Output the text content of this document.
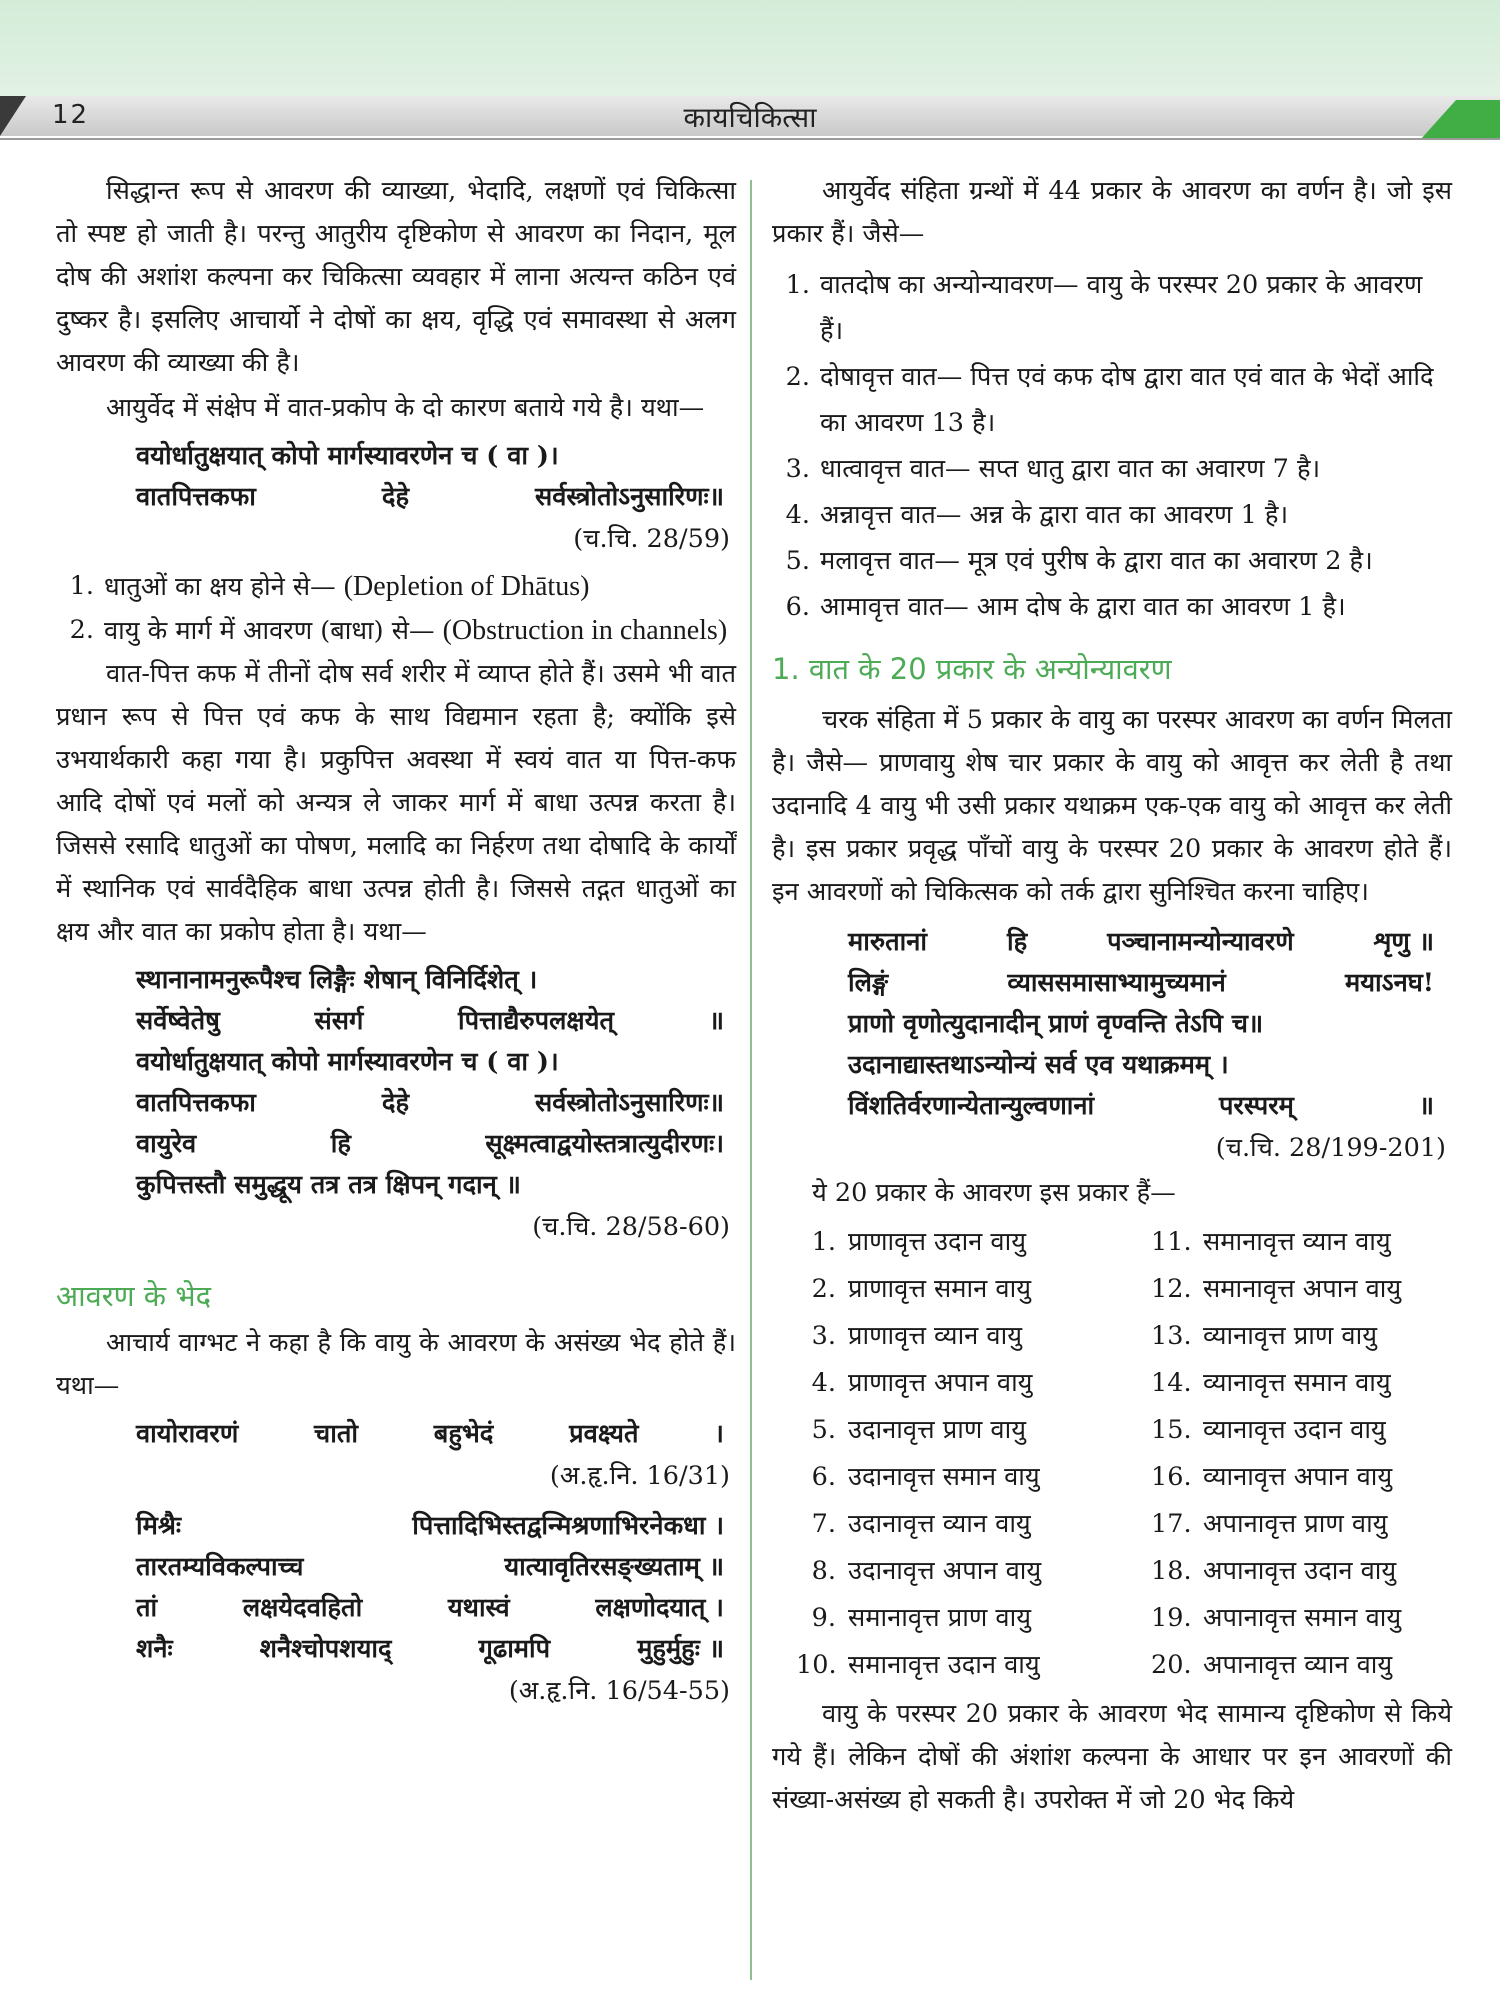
12	कायचिकित्सा

सिद्धान्त रूप से आवरण की व्याख्या, भेदादि, लक्षणों एवं चिकित्सा तो स्पष्ट हो जाती है। परन्तु आतुरीय दृष्टिकोण से आवरण का निदान, मूल दोष की अशांश कल्पना कर चिकित्सा व्यवहार में लाना अत्यन्त कठिन एवं दुष्कर है। इसलिए आचार्यो ने दोषों का क्षय, वृद्धि एवं समावस्था से अलग आवरण की व्याख्या की है।

आयुर्वेद में संक्षेप में वात-प्रकोप के दो कारण बताये गये है। यथा—

वयोर्धातुक्षयात् कोपो मार्गस्यावरणेन च ( वा )।
वातपित्तकफा	देहे	सर्वस्त्रोतोऽनुसारिणः॥
(च.चि. 28/59)
1. धातुओं का क्षय होने से— (Depletion of Dhātus)
2. वायु के मार्ग में आवरण (बाधा) से— (Obstruction in channels)

वात-पित्त कफ में तीनों दोष सर्व शरीर में व्याप्त होते हैं। उसमे भी वात प्रधान रूप से पित्त एवं कफ के साथ विद्यमान रहता है; क्योंकि इसे उभयार्थकारी कहा गया है। प्रकुपित्त अवस्था में स्वयं वात या पित्त-कफ आदि दोषों एवं मलों को अन्यत्र ले जाकर मार्ग में बाधा उत्पन्न करता है। जिससे रसादि धातुओं का पोषण, मलादि का निर्हरण तथा दोषादि के कार्यों में स्थानिक एवं सार्वदैहिक बाधा उत्पन्न होती है। जिससे तद्गत धातुओं का क्षय और वात का प्रकोप होता है। यथा—

स्थानानामनुरूपैश्च लिङ्गैः शेषान् विनिर्दिशेत् ।
सर्वेष्वेतेषु	संसर्ग	पित्ताद्यैरुपलक्षयेत्	॥
वयोर्धातुक्षयात् कोपो मार्गस्यावरणेन च ( वा )।
वातपित्तकफा	देहे	सर्वस्त्रोतोऽनुसारिणः॥
वायुरेव	हि	सूक्ष्मत्वाद्वयोस्तत्रात्युदीरणः।
कुपित्तस्तौ समुद्धूय तत्र तत्र क्षिपन् गदान् ॥
(च.चि. 28/58-60)
आवरण के भेद

आचार्य वाग्भट ने कहा है कि वायु के आवरण के असंख्य भेद होते हैं। यथा—

वायोरावरणं	चातो	बहुभेदं	प्रवक्ष्यते	।
(अ.हृ.नि. 16/31)
मिश्रैः	पित्तादिभिस्तद्वन्मिश्रणाभिरनेकधा ।
तारतम्यविकल्पाच्च	यात्यावृतिरसङ्ख्यताम् ॥
तां	लक्षयेदवहितो	यथास्वं	लक्षणोदयात् ।
शनैः	शनैश्चोपशयाद्	गूढामपि	मुहुर्मुहुः ॥
(अ.हृ.नि. 16/54-55)

आयुर्वेद संहिता ग्रन्थों में 44 प्रकार के आवरण का वर्णन है। जो इस प्रकार हैं। जैसे—

1. वातदोष का अन्योन्यावरण— वायु के परस्पर 20 प्रकार के आवरण हैं।
2. दोषावृत्त वात— पित्त एवं कफ दोष द्वारा वात एवं वात के भेदों आदि का आवरण 13 है।
3. धात्वावृत्त वात— सप्त धातु द्वारा वात का अवारण 7 है।
4. अन्नावृत्त वात— अन्न के द्वारा वात का आवरण 1 है।
5. मलावृत्त वात— मूत्र एवं पुरीष के द्वारा वात का अवारण 2 है।
6. आमावृत्त वात— आम दोष के द्वारा वात का आवरण 1 है।
1. वात के 20 प्रकार के अन्योन्यावरण

चरक संहिता में 5 प्रकार के वायु का परस्पर आवरण का वर्णन मिलता है। जैसे— प्राणवायु शेष चार प्रकार के वायु को आवृत्त कर लेती है तथा उदानादि 4 वायु भी उसी प्रकार यथाक्रम एक-एक वायु को आवृत्त कर लेती है। इस प्रकार प्रवृद्ध पाँचों वायु के परस्पर 20 प्रकार के आवरण होते हैं। इन आवरणों को चिकित्सक को तर्क द्वारा सुनिश्चित करना चाहिए।

मारुतानां	हि	पञ्चानामन्योन्यावरणे	शृणु ॥
लिङ्गं	व्याससमासाभ्यामुच्यमानं	मयाऽनघ!
प्राणो वृणोत्युदानादीन् प्राणं वृण्वन्ति तेऽपि च॥
उदानाद्यास्तथाऽन्योन्यं सर्व एव यथाक्रमम् ।
विंशतिर्वरणान्येतान्युल्वणानां	परस्परम्	॥
(च.चि. 28/199-201)

ये 20 प्रकार के आवरण इस प्रकार हैं—

1. प्राणावृत्त उदान वायु
2. प्राणावृत्त समान वायु
3. प्राणावृत्त व्यान वायु
4. प्राणावृत्त अपान वायु
5. उदानावृत्त प्राण वायु
6. उदानावृत्त समान वायु
7. उदानावृत्त व्यान वायु
8. उदानावृत्त अपान वायु
9. समानावृत्त प्राण वायु
10. समानावृत्त उदान वायु
11. समानावृत्त व्यान वायु
12. समानावृत्त अपान वायु
13. व्यानावृत्त प्राण वायु
14. व्यानावृत्त समान वायु
15. व्यानावृत्त उदान वायु
16. व्यानावृत्त अपान वायु
17. अपानावृत्त प्राण वायु
18. अपानावृत्त उदान वायु
19. अपानावृत्त समान वायु
20. अपानावृत्त व्यान वायु

वायु के परस्पर 20 प्रकार के आवरण भेद सामान्य दृष्टिकोण से किये गये हैं। लेकिन दोषों की अंशांश कल्पना के आधार पर इन आवरणों की संख्या-असंख्य हो सकती है। उपरोक्त में जो 20 भेद किये
